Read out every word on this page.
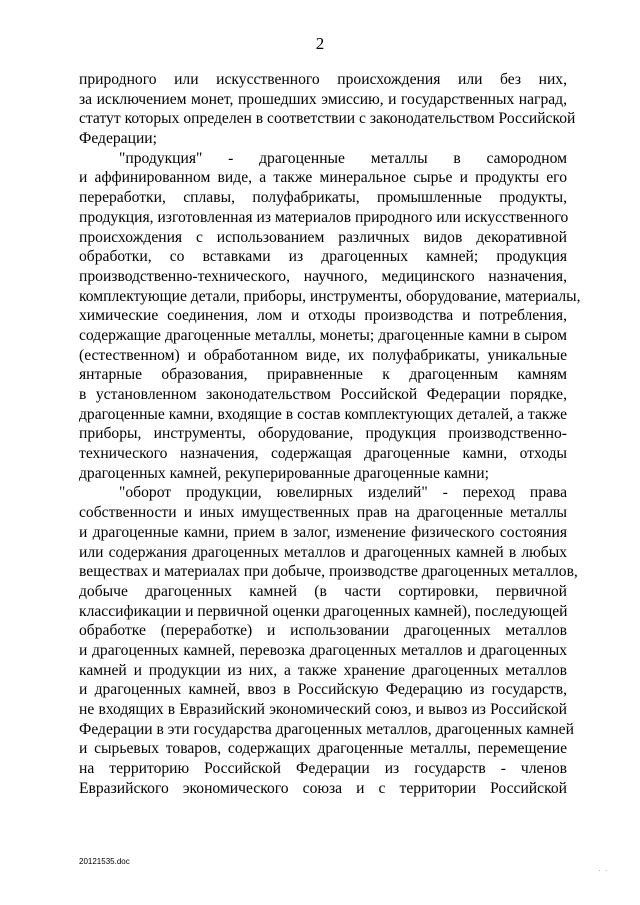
2
природного или искусственного происхождения или без них,
за исключением монет, прошедших эмиссию, и государственных наград,
статут которых определен в соответствии с законодательством Российской
Федерации;
"продукция" - драгоценные металлы в самородном
и аффинированном виде, а также минеральное сырье и продукты его
переработки, сплавы, полуфабрикаты, промышленные продукты,
продукция, изготовленная из материалов природного или искусственного
происхождения с использованием различных видов декоративной
обработки, со вставками из драгоценных камней; продукция
производственно-технического, научного, медицинского назначения,
комплектующие детали, приборы, инструменты, оборудование, материалы,
химические соединения, лом и отходы производства и потребления,
содержащие драгоценные металлы, монеты; драгоценные камни в сыром
(естественном) и обработанном виде, их полуфабрикаты, уникальные
янтарные образования, приравненные к драгоценным камням
в установленном законодательством Российской Федерации порядке,
драгоценные камни, входящие в состав комплектующих деталей, а также
приборы, инструменты, оборудование, продукция производственно-
технического назначения, содержащая драгоценные камни, отходы
драгоценных камней, рекуперированные драгоценные камни;
"оборот продукции, ювелирных изделий" - переход права
собственности и иных имущественных прав на драгоценные металлы
и драгоценные камни, прием в залог, изменение физического состояния
или содержания драгоценных металлов и драгоценных камней в любых
веществах и материалах при добыче, производстве драгоценных металлов,
добыче драгоценных камней (в части сортировки, первичной
классификации и первичной оценки драгоценных камней), последующей
обработке (переработке) и использовании драгоценных металлов
и драгоценных камней, перевозка драгоценных металлов и драгоценных
камней и продукции из них, а также хранение драгоценных металлов
и драгоценных камней, ввоз в Российскую Федерацию из государств,
не входящих в Евразийский экономический союз, и вывоз из Российской
Федерации в эти государства драгоценных металлов, драгоценных камней
и сырьевых товаров, содержащих драгоценные металлы, перемещение
на территорию Российской Федерации из государств - членов
Евразийского экономического союза и с территории Российской
20121535.doc
· ·
